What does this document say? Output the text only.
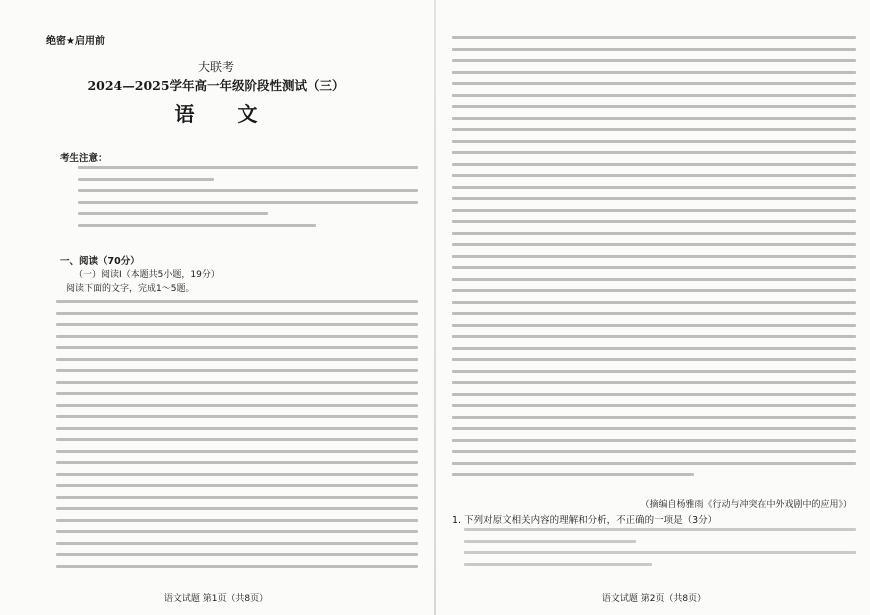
绝密★启用前
大联考
2024—2025学年高一年级阶段性测试（三）
语 文
考生注意：
一、阅读（70分）
（一）阅读Ⅰ（本题共5小题，19分）
阅读下面的文字，完成1～5题。
语文试题 第1页（共8页）
（摘编自杨雅雨《行动与冲突在中外戏剧中的应用》）
1. 下列对原文相关内容的理解和分析，不正确的一项是（3分）
语文试题 第2页（共8页）
